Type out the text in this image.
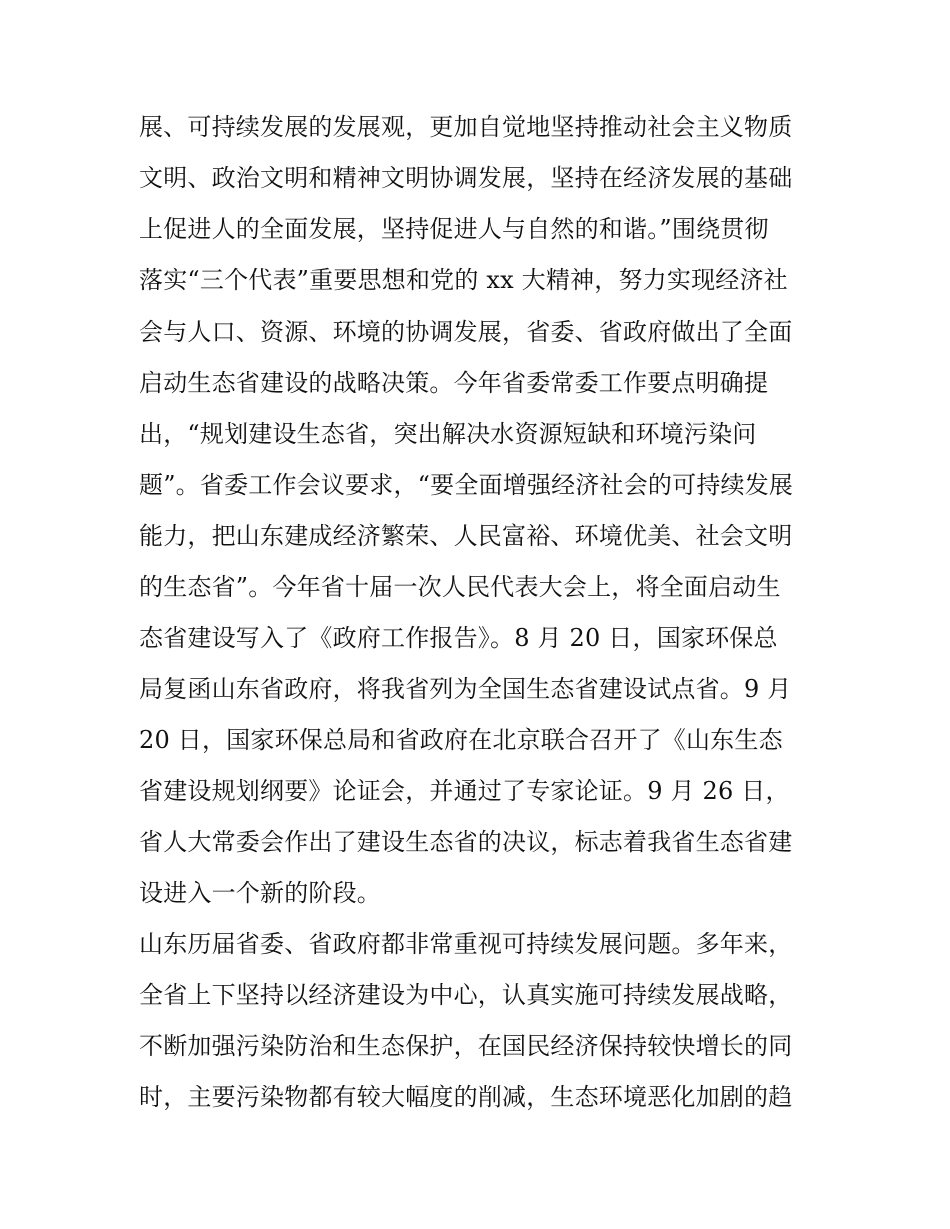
展、可持续发展的发展观，更加自觉地坚持推动社会主义物质
文明、政治文明和精神文明协调发展，坚持在经济发展的基础
上促进人的全面发展，坚持促进人与自然的和谐。”围绕贯彻
落实“三个代表”重要思想和党的 xx 大精神，努力实现经济社
会与人口、资源、环境的协调发展，省委、省政府做出了全面
启动生态省建设的战略决策。今年省委常委工作要点明确提
出，“规划建设生态省，突出解决水资源短缺和环境污染问
题”。省委工作会议要求，“要全面增强经济社会的可持续发展
能力，把山东建成经济繁荣、人民富裕、环境优美、社会文明
的生态省”。今年省十届一次人民代表大会上，将全面启动生
态省建设写入了《政府工作报告》。8 月 20 日，国家环保总
局复函山东省政府，将我省列为全国生态省建设试点省。9 月
20 日，国家环保总局和省政府在北京联合召开了《山东生态
省建设规划纲要》论证会，并通过了专家论证。9 月 26 日，
省人大常委会作出了建设生态省的决议，标志着我省生态省建
设进入一个新的阶段。
山东历届省委、省政府都非常重视可持续发展问题。多年来，
全省上下坚持以经济建设为中心，认真实施可持续发展战略，
不断加强污染防治和生态保护，在国民经济保持较快增长的同
时，主要污染物都有较大幅度的削减，生态环境恶化加剧的趋
